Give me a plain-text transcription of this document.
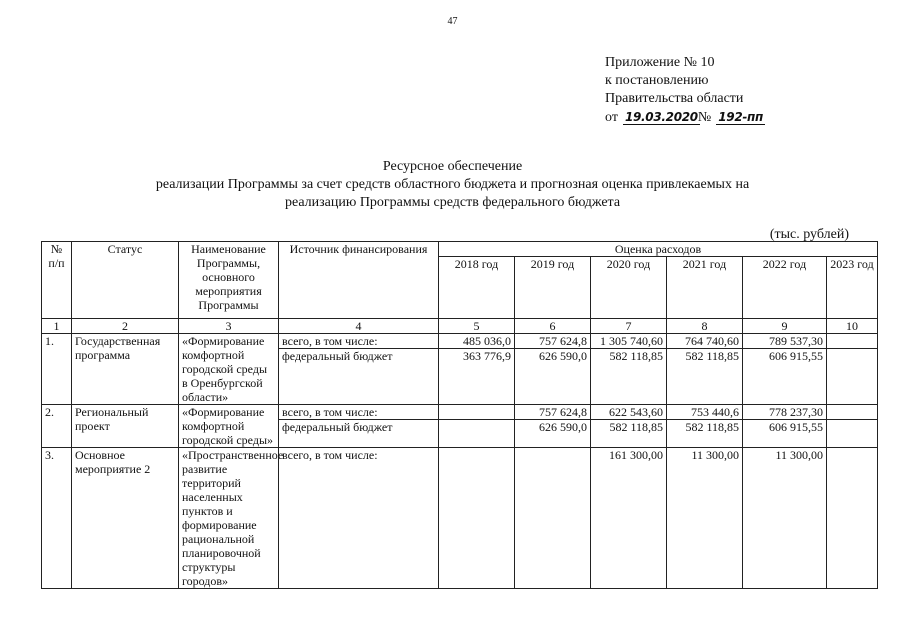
47
Приложение № 10
к постановлению
Правительства области
от 19.03.2020№ 192-пп
Ресурсное обеспечение
реализации Программы за счет средств областного бюджета и прогнозная оценка привлекаемых на
реализацию Программы средств федерального бюджета
(тыс. рублей)
№ п/п	Статус	Наименование Программы, основного мероприятия Программы	Источник финансирования	Оценка расходов					
				2018 год	2019 год	2020 год	2021 год	2022 год	2023 год
1	2	3	4	5	6	7	8	9	10
1.	Государственная программа	«Формирование комфортной городской среды в Оренбургской области»	всего, в том числе:	485 036,0	757 624,8	1 305 740,60	764 740,60	789 537,30	
			федеральный бюджет	363 776,9	626 590,0	582 118,85	582 118,85	606 915,55	
2.	Региональный проект	«Формирование комфортной городской среды»	всего, в том числе:		757 624,8	622 543,60	753 440,6	778 237,30	
			федеральный бюджет		626 590,0	582 118,85	582 118,85	606 915,55	
3.	Основное мероприятие 2	«Пространственное развитие территорий населенных пунктов и формирование рациональной планировочной структуры городов»	всего, в том числе:			161 300,00	11 300,00	11 300,00	
